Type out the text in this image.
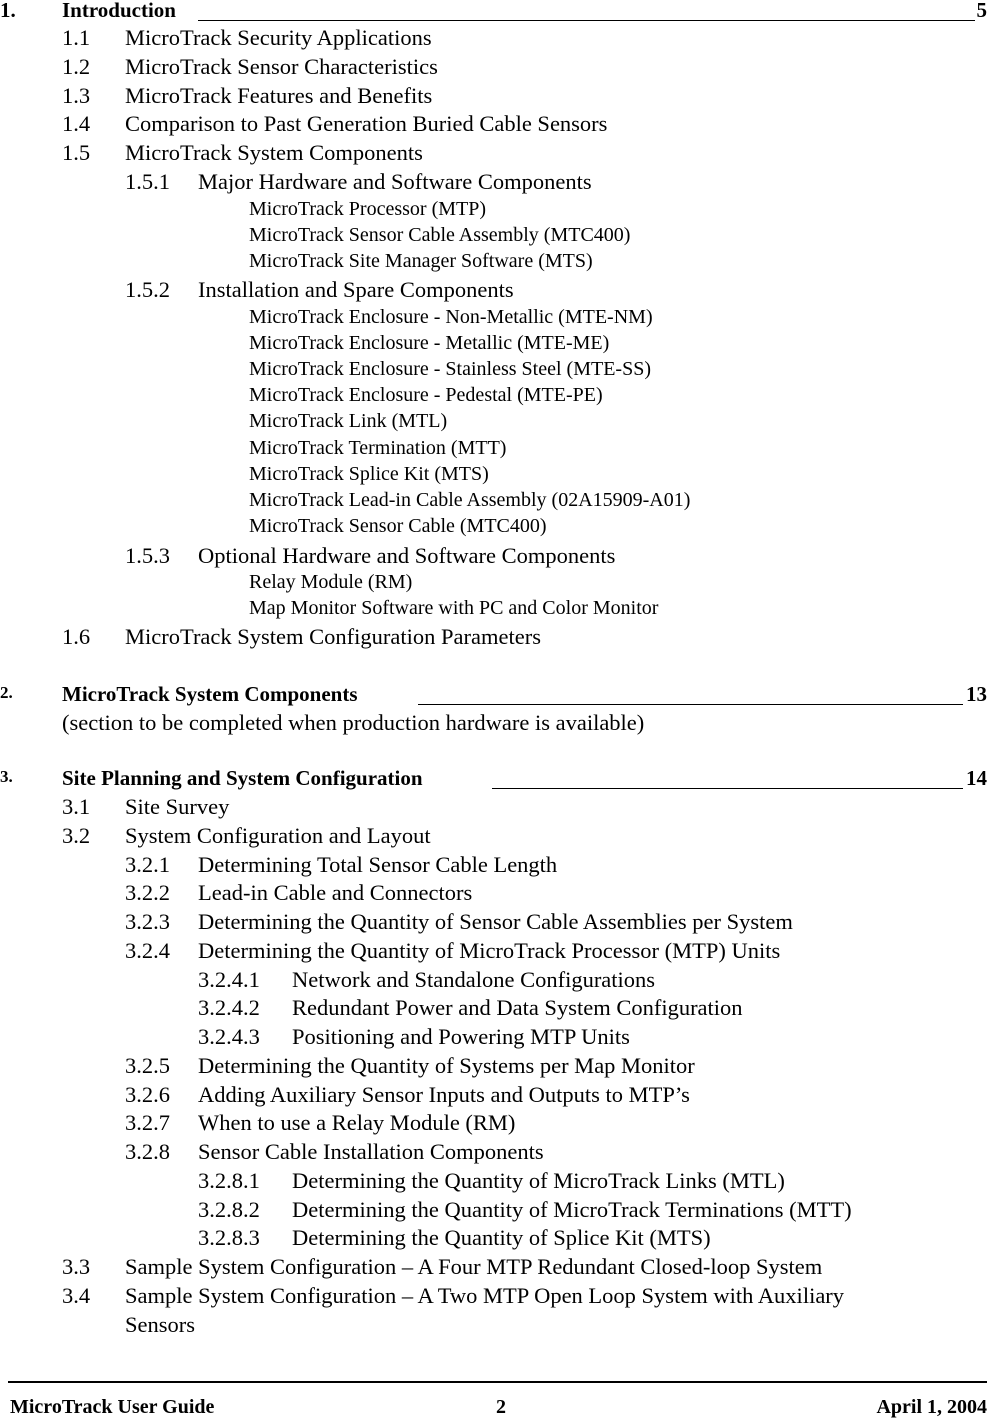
1. Introduction	5
1.1 MicroTrack Security Applications
1.2 MicroTrack Sensor Characteristics
1.3 MicroTrack Features and Benefits
1.4 Comparison to Past Generation Buried Cable Sensors
1.5 MicroTrack System Components
1.5.1 Major Hardware and Software Components
MicroTrack Processor (MTP)
MicroTrack Sensor Cable Assembly (MTC400)
MicroTrack Site Manager Software (MTS)
1.5.2 Installation and Spare Components
MicroTrack Enclosure - Non-Metallic (MTE-NM)
MicroTrack Enclosure - Metallic (MTE-ME)
MicroTrack Enclosure - Stainless Steel (MTE-SS)
MicroTrack Enclosure - Pedestal (MTE-PE)
MicroTrack Link (MTL)
MicroTrack Termination (MTT)
MicroTrack Splice Kit (MTS)
MicroTrack Lead-in Cable Assembly (02A15909-A01)
MicroTrack Sensor Cable (MTC400)
1.5.3 Optional Hardware and Software Components
Relay Module (RM)
Map Monitor Software with PC and Color Monitor
1.6 MicroTrack System Configuration Parameters
2. MicroTrack System Components	13
(section to be completed when production hardware is available)
3. Site Planning and System Configuration	14
3.1 Site Survey
3.2 System Configuration and Layout
3.2.1 Determining Total Sensor Cable Length
3.2.2 Lead-in Cable and Connectors
3.2.3 Determining the Quantity of Sensor Cable Assemblies per System
3.2.4 Determining the Quantity of MicroTrack Processor (MTP) Units
3.2.4.1 Network and Standalone Configurations
3.2.4.2 Redundant Power and Data System Configuration
3.2.4.3 Positioning and Powering MTP Units
3.2.5 Determining the Quantity of Systems per Map Monitor
3.2.6 Adding Auxiliary Sensor Inputs and Outputs to MTP’s
3.2.7 When to use a Relay Module (RM)
3.2.8 Sensor Cable Installation Components
3.2.8.1 Determining the Quantity of MicroTrack Links (MTL)
3.2.8.2 Determining the Quantity of MicroTrack Terminations (MTT)
3.2.8.3 Determining the Quantity of Splice Kit (MTS)
3.3 Sample System Configuration – A Four MTP Redundant Closed-loop System
3.4 Sample System Configuration – A Two MTP Open Loop System with Auxiliary
Sensors
MicroTrack User Guide	2	April 1, 2004
